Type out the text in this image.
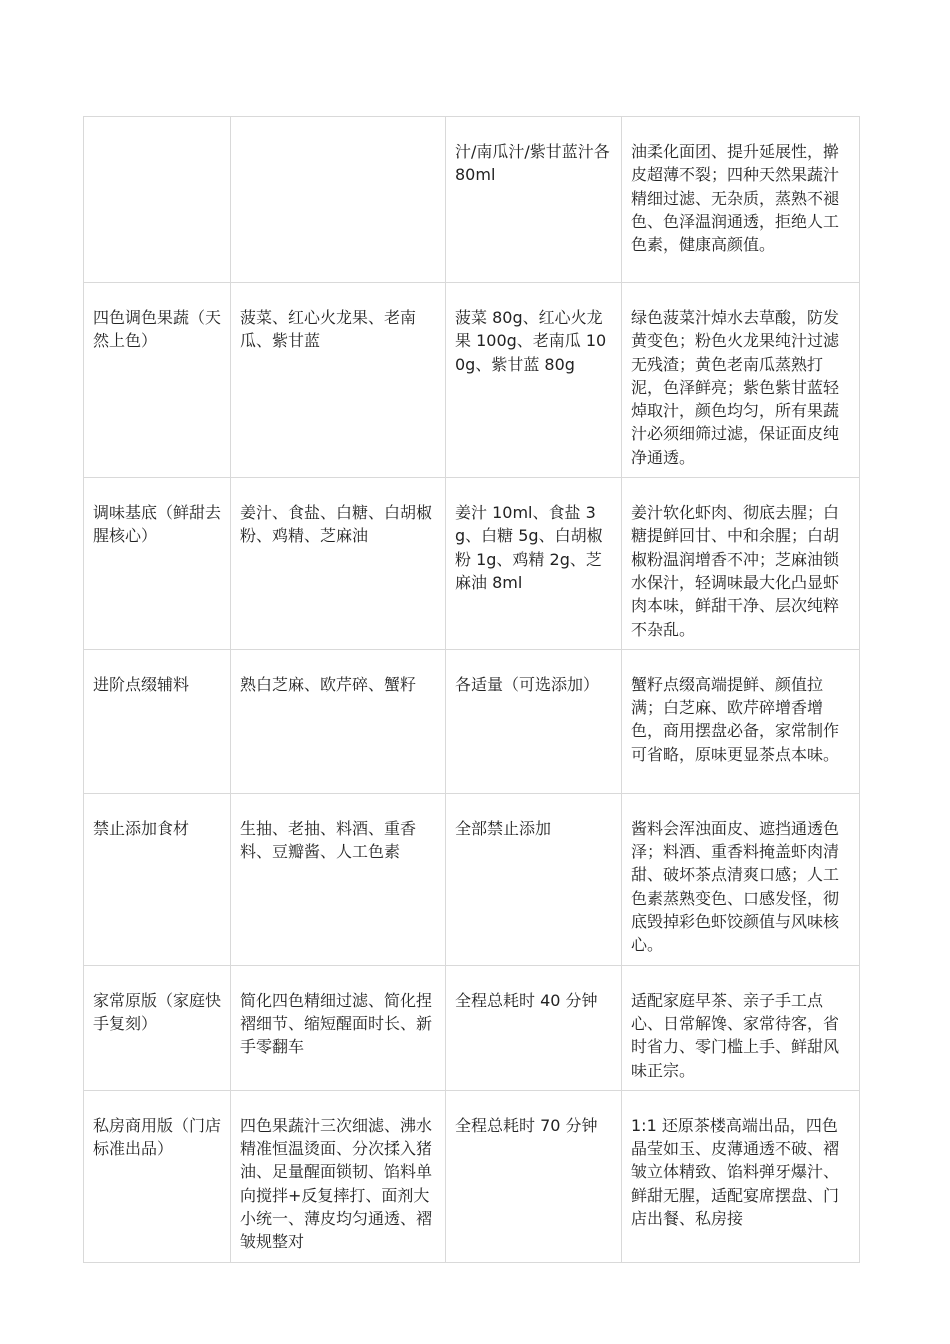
		汁/南瓜汁/紫甘蓝汁各 80ml	油柔化面团、提升延展性，擀皮超薄不裂；四种天然果蔬汁精细过滤、无杂质，蒸熟不褪色、色泽温润通透，拒绝人工色素，健康高颜值。
四色调色果蔬（天然上色）	菠菜、红心火龙果、老南瓜、紫甘蓝	菠菜 80g、红心火龙果 100g、老南瓜 100g、紫甘蓝 80g	绿色菠菜汁焯水去草酸，防发黄变色；粉色火龙果纯汁过滤无残渣；黄色老南瓜蒸熟打泥，色泽鲜亮；紫色紫甘蓝轻焯取汁，颜色均匀，所有果蔬汁必须细筛过滤，保证面皮纯净通透。
调味基底（鲜甜去腥核心）	姜汁、食盐、白糖、白胡椒粉、鸡精、芝麻油	姜汁 10ml、食盐 3g、白糖 5g、白胡椒粉 1g、鸡精 2g、芝麻油 8ml	姜汁软化虾肉、彻底去腥；白糖提鲜回甘、中和余腥；白胡椒粉温润增香不冲；芝麻油锁水保汁，轻调味最大化凸显虾肉本味，鲜甜干净、层次纯粹不杂乱。
进阶点缀辅料	熟白芝麻、欧芹碎、蟹籽	各适量（可选添加）	蟹籽点缀高端提鲜、颜值拉满；白芝麻、欧芹碎增香增色，商用摆盘必备，家常制作可省略，原味更显茶点本味。
禁止添加食材	生抽、老抽、料酒、重香料、豆瓣酱、人工色素	全部禁止添加	酱料会浑浊面皮、遮挡通透色泽；料酒、重香料掩盖虾肉清甜、破坏茶点清爽口感；人工色素蒸熟变色、口感发怪，彻底毁掉彩色虾饺颜值与风味核心。
家常原版（家庭快手复刻）	简化四色精细过滤、简化捏褶细节、缩短醒面时长、新手零翻车	全程总耗时 40 分钟	适配家庭早茶、亲子手工点心、日常解馋、家常待客，省时省力、零门槛上手、鲜甜风味正宗。
私房商用版（门店标准出品）	四色果蔬汁三次细滤、沸水精准恒温烫面、分次揉入猪油、足量醒面锁韧、馅料单向搅拌+反复摔打、面剂大小统一、薄皮均匀通透、褶皱规整对	全程总耗时 70 分钟	1:1 还原茶楼高端出品，四色晶莹如玉、皮薄通透不破、褶皱立体精致、馅料弹牙爆汁、鲜甜无腥，适配宴席摆盘、门店出餐、私房接
